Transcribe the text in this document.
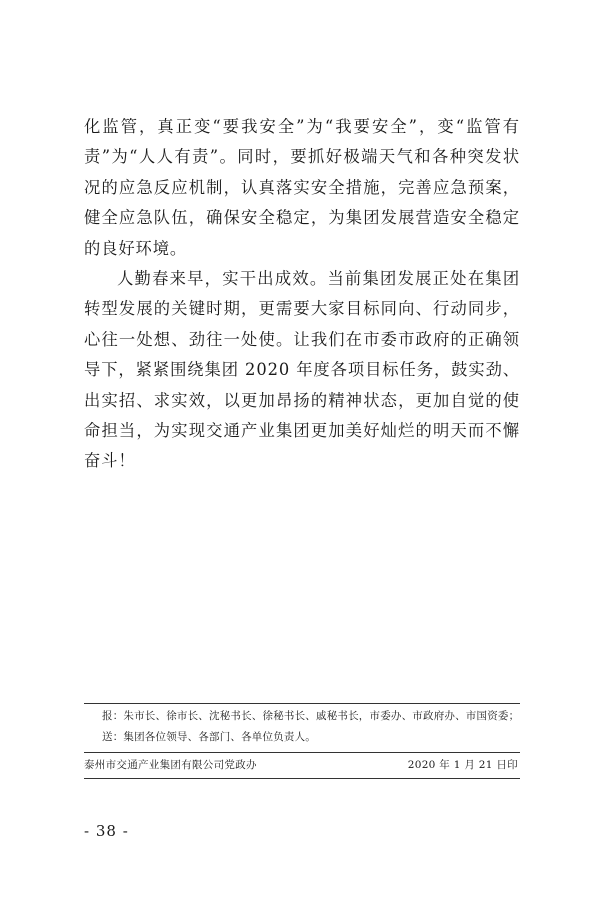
化监管，真正变“要我安全”为“我要安全”，变“监管有责”为“人人有责”。同时，要抓好极端天气和各种突发状况的应急反应机制，认真落实安全措施，完善应急预案，健全应急队伍，确保安全稳定，为集团发展营造安全稳定的良好环境。

人勤春来早，实干出成效。当前集团发展正处在集团转型发展的关键时期，更需要大家目标同向、行动同步，心往一处想、劲往一处使。让我们在市委市政府的正确领导下，紧紧围绕集团 2020 年度各项目标任务，鼓实劲、出实招、求实效，以更加昂扬的精神状态，更加自觉的使命担当，为实现交通产业集团更加美好灿烂的明天而不懈奋斗！

报：朱市长、徐市长、沈秘书长、徐秘书长、戚秘书长，市委办、市政府办、市国资委；
送：集团各位领导、各部门、各单位负责人。
泰州市交通产业集团有限公司党政办	2020 年 1 月 21 日印
- 38 -
